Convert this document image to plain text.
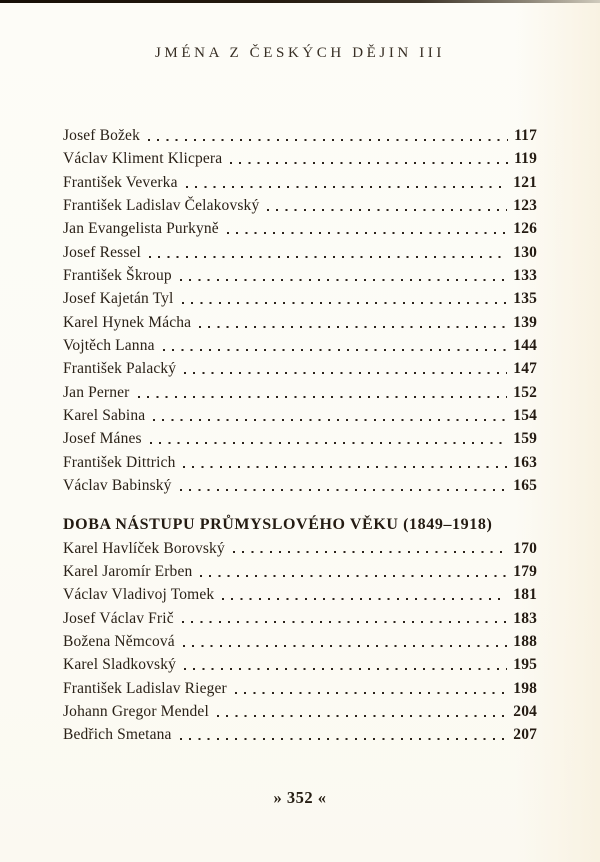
JMÉNA Z ČESKÝCH DĚJIN III
Josef Božek	117
Václav Kliment Klicpera	119
František Veverka	121
František Ladislav Čelakovský	123
Jan Evangelista Purkyně	126
Josef Ressel	130
František Škroup	133
Josef Kajetán Tyl	135
Karel Hynek Mácha	139
Vojtěch Lanna	144
František Palacký	147
Jan Perner	152
Karel Sabina	154
Josef Mánes	159
František Dittrich	163
Václav Babinský	165
DOBA NÁSTUPU PRŮMYSLOVÉHO VĚKU (1849–1918)
Karel Havlíček Borovský	170
Karel Jaromír Erben	179
Václav Vladivoj Tomek	181
Josef Václav Frič	183
Božena Němcová	188
Karel Sladkovský	195
František Ladislav Rieger	198
Johann Gregor Mendel	204
Bedřich Smetana	207
» 352 «
